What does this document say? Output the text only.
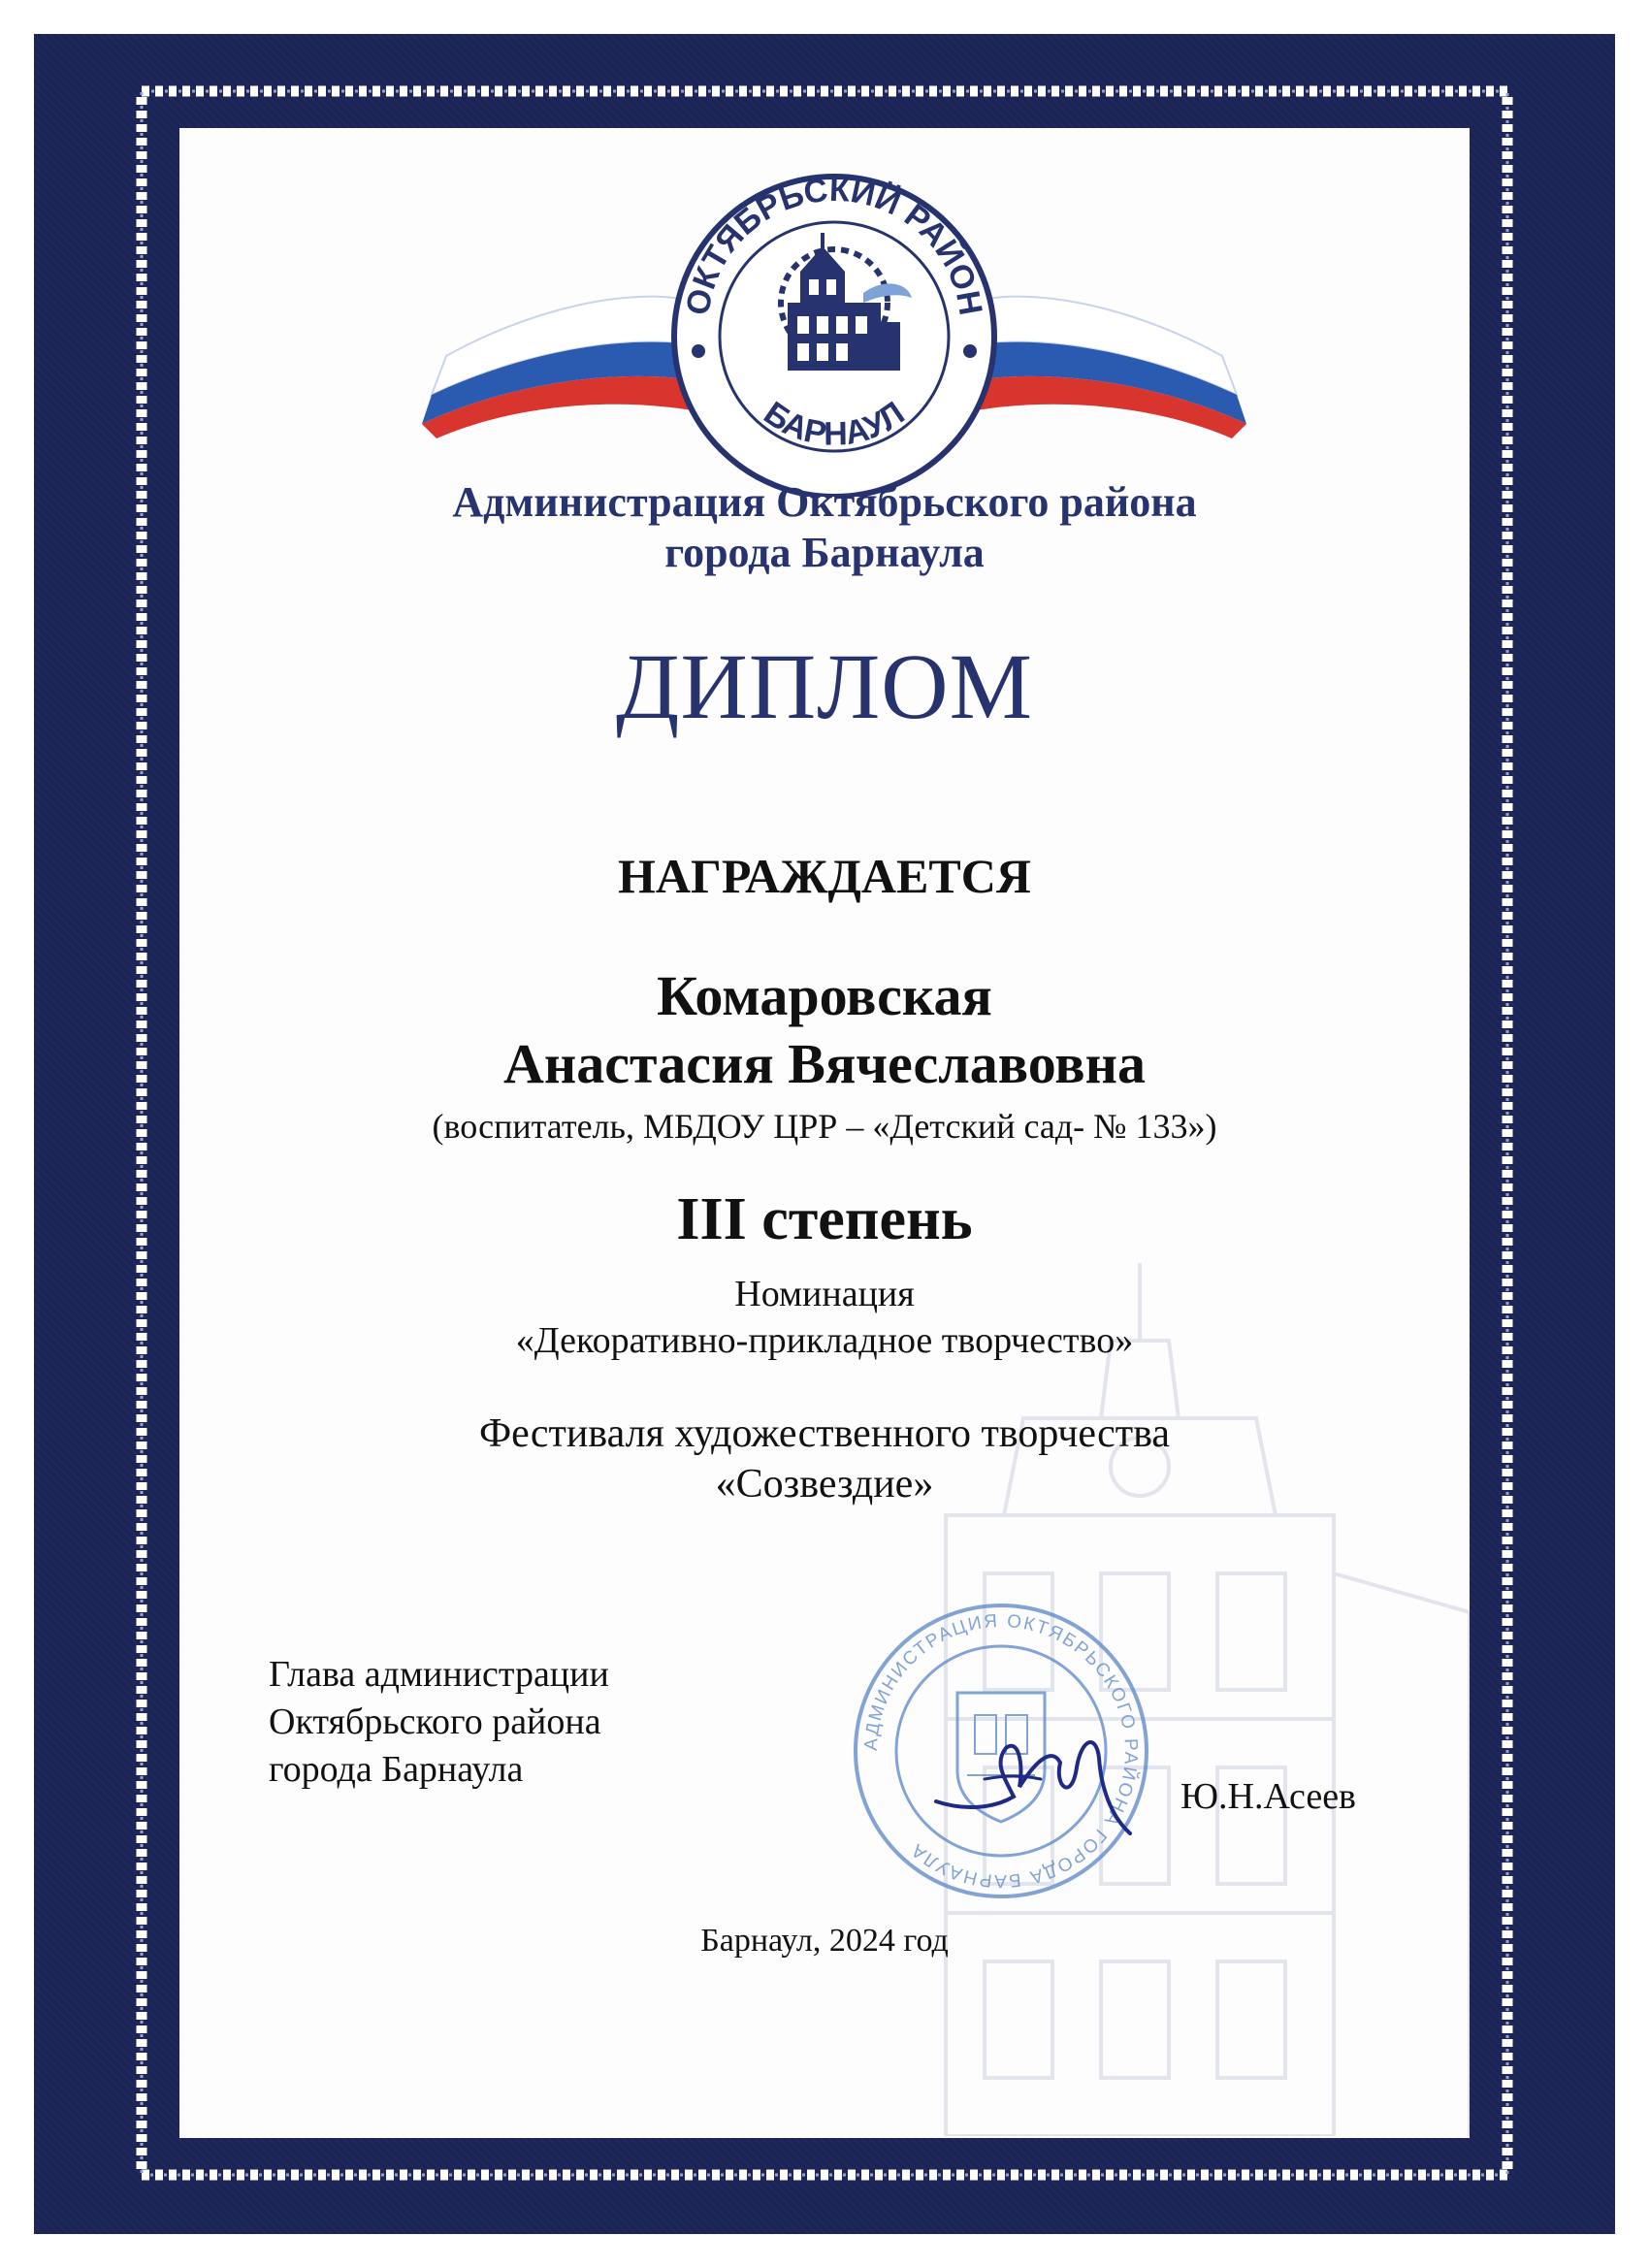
ОКТЯБРЬСКИЙ РАЙОН
БАРНАУЛ
Администрация Октябрьского района
города Барнаула
ДИПЛОМ
НАГРАЖДАЕТСЯ
Комаровская
Анастасия Вячеславовна
(воспитатель, МБДОУ ЦРР – «Детский сад- № 133»)
III степень
Номинация
«Декоративно-прикладное творчество»
Фестиваля художественного творчества
«Созвездие»
Глава администрации
Октябрьского района
города Барнаула
АДМИНИСТРАЦИЯ ОКТЯБРЬСКОГО РАЙОНА ГОРОДА БАРНАУЛА
Ю.Н.Асеев
Барнаул, 2024 год
